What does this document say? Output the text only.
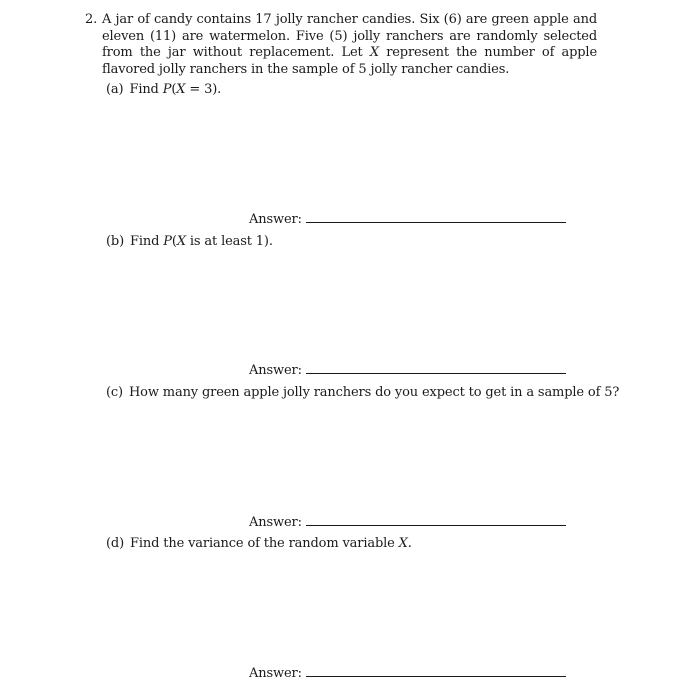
2. A jar of candy contains 17 jolly rancher candies. Six (6) are green apple and eleven (11) are watermelon. Five (5) jolly ranchers are randomly selected from the jar without replacement. Let X represent the number of apple flavored jolly ranchers in the sample of 5 jolly rancher candies.
(a) Find P(X = 3).
Answer:
(b) Find P(X is at least 1).
Answer:
(c) How many green apple jolly ranchers do you expect to get in a sample of 5?
Answer:
(d) Find the variance of the random variable X.
Answer:
